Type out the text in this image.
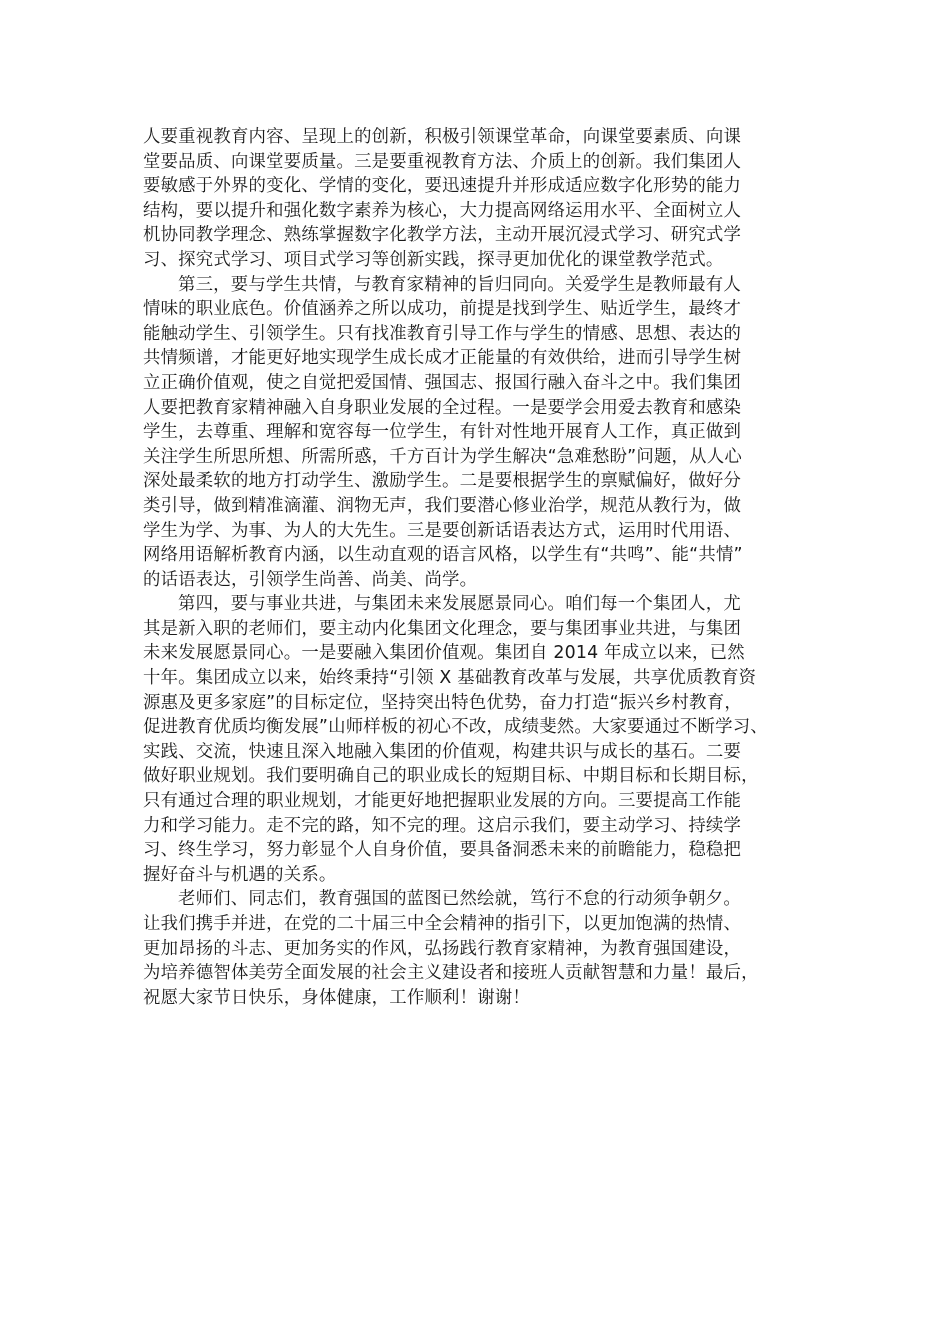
人要重视教育内容、呈现上的创新，积极引领课堂革命，向课堂要素质、向课
堂要品质、向课堂要质量。三是要重视教育方法、介质上的创新。我们集团人
要敏感于外界的变化、学情的变化，要迅速提升并形成适应数字化形势的能力
结构，要以提升和强化数字素养为核心，大力提高网络运用水平、全面树立人
机协同教学理念、熟练掌握数字化教学方法，主动开展沉浸式学习、研究式学
习、探究式学习、项目式学习等创新实践，探寻更加优化的课堂教学范式。
第三，要与学生共情，与教育家精神的旨归同向。关爱学生是教师最有人
情味的职业底色。价值涵养之所以成功，前提是找到学生、贴近学生，最终才
能触动学生、引领学生。只有找准教育引导工作与学生的情感、思想、表达的
共情频谱，才能更好地实现学生成长成才正能量的有效供给，进而引导学生树
立正确价值观，使之自觉把爱国情、强国志、报国行融入奋斗之中。我们集团
人要把教育家精神融入自身职业发展的全过程。一是要学会用爱去教育和感染
学生，去尊重、理解和宽容每一位学生，有针对性地开展育人工作，真正做到
关注学生所思所想、所需所惑，千方百计为学生解决“急难愁盼”问题，从人心
深处最柔软的地方打动学生、激励学生。二是要根据学生的禀赋偏好，做好分
类引导，做到精准滴灌、润物无声，我们要潜心修业治学，规范从教行为，做
学生为学、为事、为人的大先生。三是要创新话语表达方式，运用时代用语、
网络用语解析教育内涵，以生动直观的语言风格，以学生有“共鸣”、能“共情”
的话语表达，引领学生尚善、尚美、尚学。
第四，要与事业共进，与集团未来发展愿景同心。咱们每一个集团人，尤
其是新入职的老师们，要主动内化集团文化理念，要与集团事业共进，与集团
未来发展愿景同心。一是要融入集团价值观。集团自 2014 年成立以来，已然
十年。集团成立以来，始终秉持“引领 X 基础教育改革与发展，共享优质教育资
源惠及更多家庭”的目标定位，坚持突出特色优势，奋力打造“振兴乡村教育，
促进教育优质均衡发展”山师样板的初心不改，成绩斐然。大家要通过不断学习、
实践、交流，快速且深入地融入集团的价值观，构建共识与成长的基石。二要
做好职业规划。我们要明确自己的职业成长的短期目标、中期目标和长期目标，
只有通过合理的职业规划，才能更好地把握职业发展的方向。三要提高工作能
力和学习能力。走不完的路，知不完的理。这启示我们，要主动学习、持续学
习、终生学习，努力彰显个人自身价值，要具备洞悉未来的前瞻能力，稳稳把
握好奋斗与机遇的关系。
老师们、同志们，教育强国的蓝图已然绘就，笃行不怠的行动须争朝夕。
让我们携手并进，在党的二十届三中全会精神的指引下，以更加饱满的热情、
更加昂扬的斗志、更加务实的作风，弘扬践行教育家精神，为教育强国建设，
为培养德智体美劳全面发展的社会主义建设者和接班人贡献智慧和力量！最后，
祝愿大家节日快乐，身体健康，工作顺利！谢谢！
